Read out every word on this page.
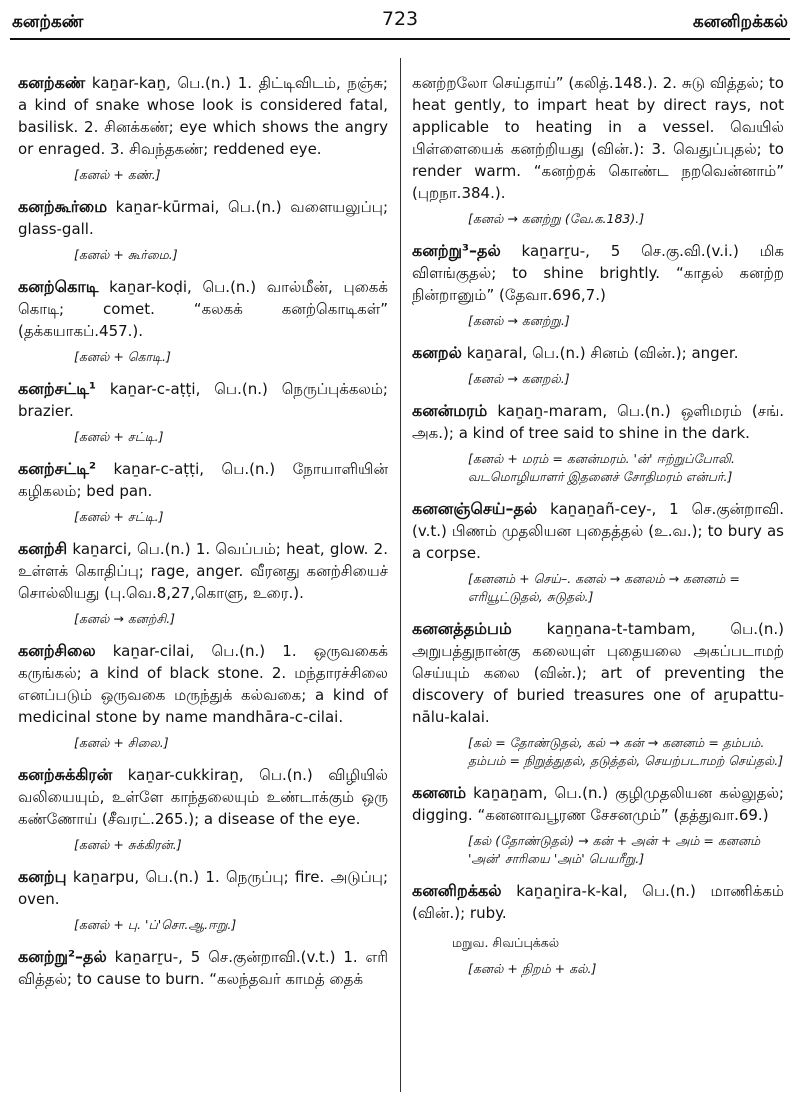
கனற்கண்	723	கனனிறக்கல்
கனற்கண் kaṉar-kaṉ, பெ.(n.) 1. திட்டிவிடம், நஞ்சு; a kind of snake whose look is considered fatal, basilisk. 2. சினக்கண்; eye which shows the angry or enraged. 3. சிவந்தகண்; reddened eye.
[கனல் + கண்.]
கனற்கூர்மை kaṉar-kūrmai, பெ.(n.) வளையலுப்பு; glass-gall.
[கனல் + கூர்மை.]
கனற்கொடி kaṉar-koḍi, பெ.(n.) வால்மீன், புகைக் கொடி; comet. “கலகக் கனற்கொடிகள்” (தக்கயாகப்.457.).
[கனல் + கொடி.]
கனற்சட்டி¹ kaṉar-c-aṭṭi, பெ.(n.) நெருப்புக்கலம்; brazier.
[கனல் + சட்டி.]
கனற்சட்டி² kaṉar-c-aṭṭi, பெ.(n.) நோயாளியின் கழிகலம்; bed pan.
[கனல் + சட்டி.]
கனற்சி kaṉarci, பெ.(n.) 1. வெப்பம்; heat, glow. 2. உள்ளக் கொதிப்பு; rage, anger. வீரனது கனற்சியைச் சொல்லியது (பு.வெ.8,27,கொளு, உரை.).
[கனல் → கனற்சி.]
கனற்சிலை kaṉar-cilai, பெ.(n.) 1. ஒருவகைக் கருங்கல்; a kind of black stone. 2. மந்தாரச்சிலை எனப்படும் ஒருவகை மருந்துக் கல்வகை; a kind of medicinal stone by name mandhāra-c-cilai.
[கனல் + சிலை.]
கனற்சுக்கிரன் kaṉar-cukkiraṉ, பெ.(n.) விழியில் வலியையும், உள்ளே காந்தலையும் உண்டாக்கும் ஒரு கண்ணோய் (சீவரட்.265.); a disease of the eye.
[கனல் + சுக்கிரன்.]
கனற்பு kaṉarpu, பெ.(n.) 1. நெருப்பு; fire. அடுப்பு; oven.
[கனல் + பு. 'ப்'சொ.ஆ.ஈறு.]
கனற்று²–தல் kaṉarṟu-, 5 செ.குன்றாவி.(v.t.) 1. எரி வித்தல்; to cause to burn. “கலந்தவர் காமத் தைக்
கனற்றலோ செய்தாய்” (கலித்.148.). 2. சுடு வித்தல்; to heat gently, to impart heat by direct rays, not applicable to heating in a vessel. வெயில் பிள்ளையைக் கனற்றியது (வின்.): 3. வெதுப்புதல்; to render warm. “கனற்றக் கொண்ட நறவென்னாம்” (புறநா.384.).
[கனல் → கனற்று (வே.க.183).]
கனற்று³–தல் kaṉarṟu-, 5 செ.கு.வி.(v.i.) மிக விளங்குதல்; to shine brightly. “காதல் கனற்ற நின்றானும்” (தேவா.696,7.)
[கனல் → கனற்று.]
கனறல் kaṉaral, பெ.(n.) சினம் (வின்.); anger.
[கனல் → கனறல்.]
கனன்மரம் kaṉaṉ-maram, பெ.(n.) ஒளிமரம் (சங். அக.); a kind of tree said to shine in the dark.
[கனல் + மரம் = கனன்மரம். 'ன்' ஈற்றுப்போலி. வடமொழியாளர் இதனைச் சோதிமரம் என்பர்.]
கனனஞ்செய்–தல் kaṉaṉañ-cey-, 1 செ.குன்றாவி. (v.t.) பிணம் முதலியன புதைத்தல் (உ.வ.); to bury as a corpse.
[கனனம் + செய்–. கனல் → கனலம் → கனனம் = எரியூட்டுதல், சுடுதல்.]
கனனத்தம்பம் kaṉṉana-t-tambam, பெ.(n.) அறுபத்துநான்கு கலையுள் புதையலை அகப்படாமற் செய்யும் கலை (வின்.); art of preventing the discovery of buried treasures one of aṟupattu-nālu-kalai.
[கல் = தோண்டுதல், கல் → கன் → கனனம் = தம்பம். தம்பம் = நிறுத்துதல், தடுத்தல், செயற்படாமற் செய்தல்.]
கனனம் kaṉaṉam, பெ.(n.) குழிமுதலியன கல்லுதல்; digging. “கனனாவபூரண சேசனமும்” (தத்துவா.69.)
[கல் (தோண்டுதல்) → கன் + அன் + அம் = கனனம் 'அன்' சாரியை 'அம்' பெயரீறு.]
கனனிறக்கல் kaṉaṉira-k-kal, பெ.(n.) மாணிக்கம் (வின்.); ruby.
மறுவ. சிவப்புக்கல்
[கனல் + நிறம் + கல்.]
